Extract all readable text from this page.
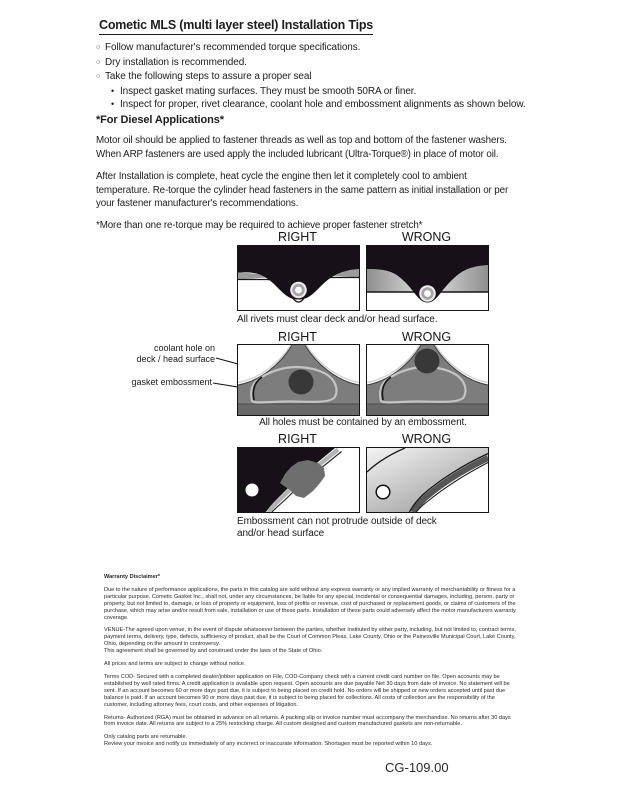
Cometic MLS (multi layer steel) Installation Tips
○ Follow manufacturer's recommended torque specifications.
○ Dry installation is recommended.
○ Take the following steps to assure a proper seal
• Inspect gasket mating surfaces. They must be smooth 50RA or finer.
• Inspect for proper, rivet clearance, coolant hole and embossment alignments as shown below.
*For Diesel Applications*

Motor oil should be applied to fastener threads as well as top and bottom of the fastener washers. When ARP fasteners are used apply the included lubricant (Ultra-Torque®) in place of motor oil.

After Installation is complete, heat cycle the engine then let it completely cool to ambient temperature. Re-torque the cylinder head fasteners in the same pattern as initial installation or per your fastener manufacturer's recommendations.

*More than one re-torque may be required to achieve proper fastener stretch*

RIGHT	WRONG
All rivets must clear deck and/or head surface.
RIGHT	WRONG
coolant hole on
deck / head surface
gasket embossment
All holes must be contained by an embossment.
RIGHT	WRONG
Embossment can not protrude outside of deck
and/or head surface

Warranty Disclaimer*

Due to the nature of performance applications, the parts in this catalog are sold without any express warranty or any implied warranty of merchantability or fitness for a particular purpose. Cometic Gasket Inc., shall not, under any circumstances, be liable for any special, incidental or consequential damages, including, person, party or property, but not limited to, damage, or loss of property or equipment, loss of profits or revenue, cost of purchased or replacement goods, or claims of customers of the purchase, which may arise and/or result from sale, installation or use of these parts. Installation of these parts could adversely affect the motor manufacturers warranty coverage.

VENUE-The agreed upon venue, in the event of dispute whatsoever between the parties, whether instituted by either party, including, but not limited to, contract terms, payment terms, delivery, type, defects, sufficiency of product, shall be the Court of Common Pleas, Lake County, Ohio or the Painesville Municipal Court, Lake County, Ohio, depending on the amount in controversy.

This agreement shall be governed by and construed under the laws of the State of Ohio.

All prices and terms are subject to change without notice.

Terms COD- Secured with a completed dealer/jobber application on File, COD-Company check with a current credit card number on file. Open accounts may be established by well rated firms. A credit application is available upon request. Open accounts are due payable Net 30 days from date of invoice. No statement will be sent. If an account becomes 60 or more days past due, it is subject to being placed on credit hold. No orders will be shipped or new orders accepted until past due balance is paid. If an account becomes 90 or more days past due, it is subject to being placed for collections. All costs of collection are the responsibility of the customer, including attorney fees, court costs, and other expenses of litigation.

Returns- Authorized (RGA) must be obtained in advance on all returns. A packing slip or invoice number must accompany the merchandise. No returns after 30 days from invoice date. All returns are subject to a 25% restocking charge. All custom designed and custom manufactured gaskets are non-returnable.

Only catalog parts are returnable.

Review your invoice and notify us immediately of any incorrect or inaccurate information. Shortages must be reported within 10 days.

CG-109.00
